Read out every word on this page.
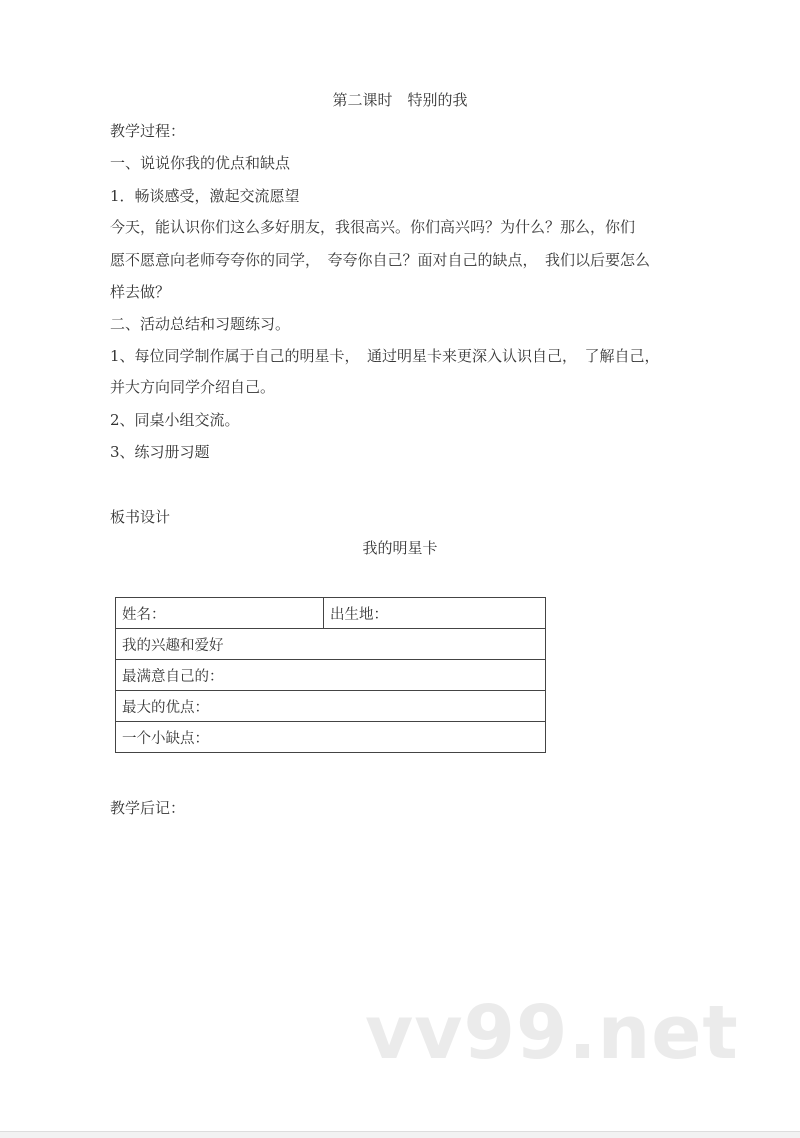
第二课时　特别的我
教学过程：
一、说说你我的优点和缺点
1．畅谈感受，激起交流愿望
今天，能认识你们这么多好朋友，我很高兴。你们高兴吗？为什么？那么，你们
愿不愿意向老师夸夸你的同学，　夸夸你自己？面对自己的缺点，　我们以后要怎么
样去做？
二、活动总结和习题练习。
1、每位同学制作属于自己的明星卡，　通过明星卡来更深入认识自己，　了解自己，
并大方向同学介绍自己。
2、同桌小组交流。
3、练习册习题
板书设计
我的明星卡
姓名：	出生地：
我的兴趣和爱好
最满意自己的：
最大的优点：
一个小缺点：
教学后记：
vv99.net
